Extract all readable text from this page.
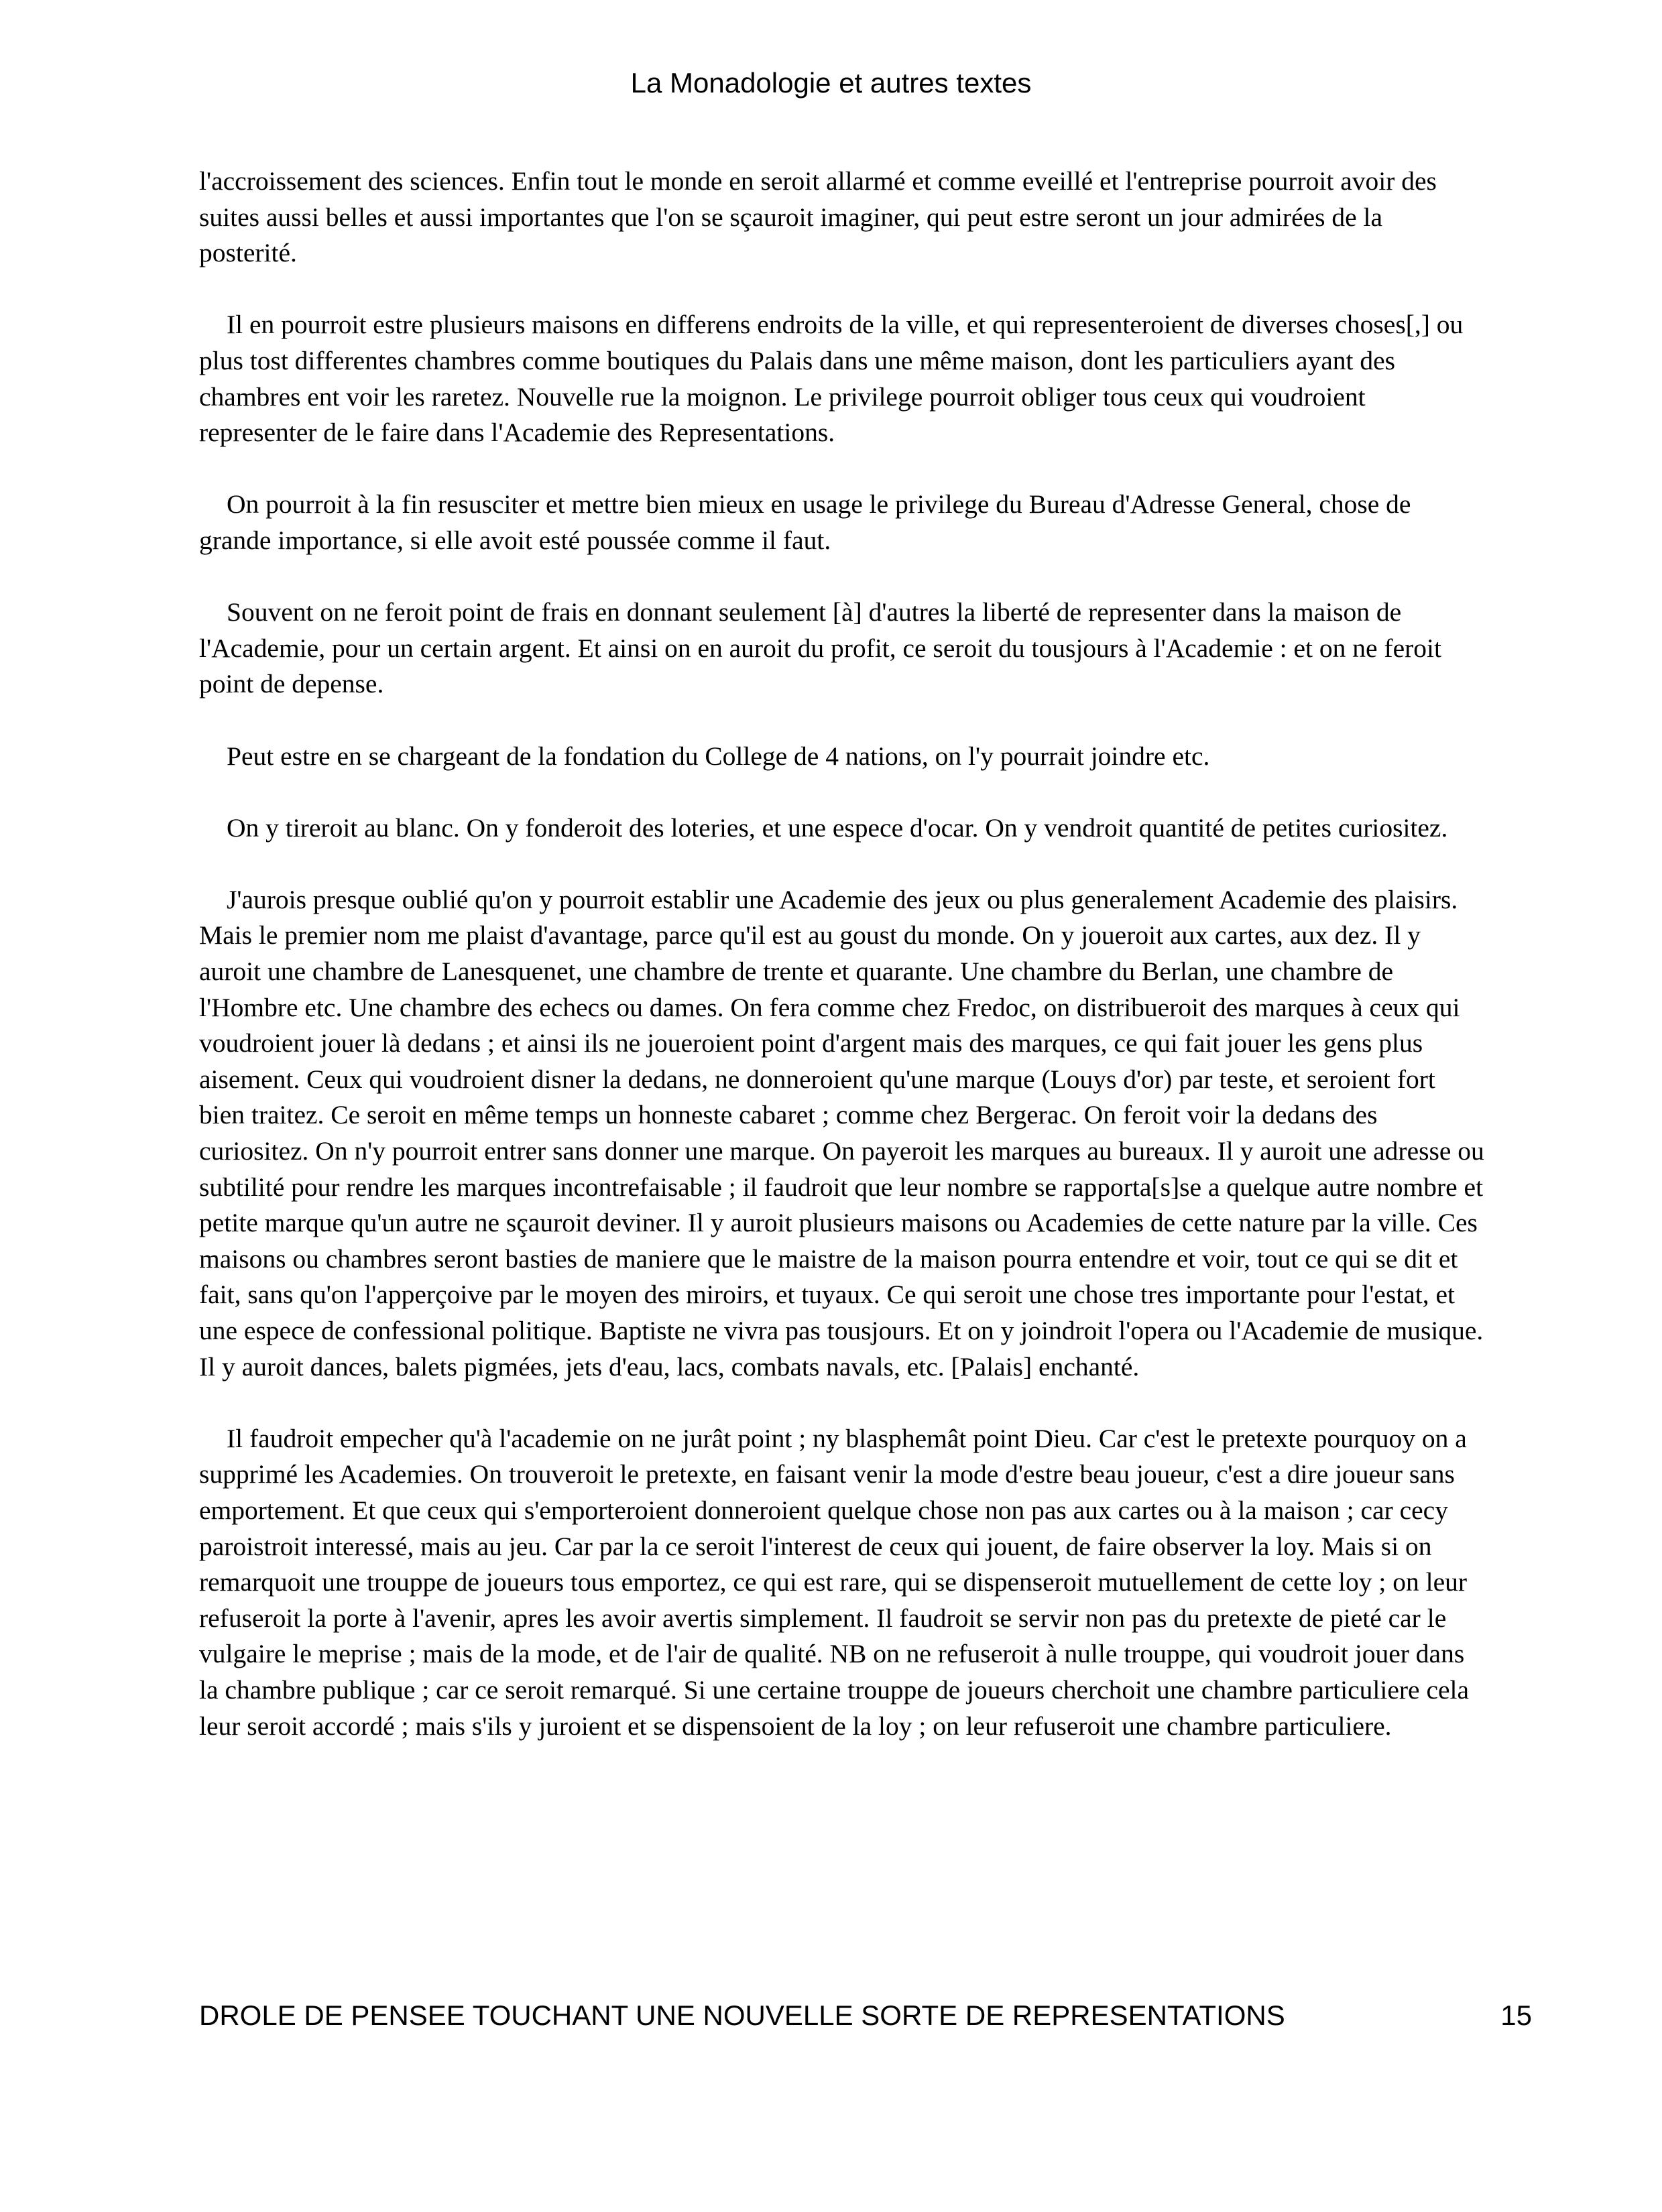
La Monadologie et autres textes

l'accroissement des sciences. Enfin tout le monde en seroit allarmé et comme eveillé et l'entreprise pourroit avoir des suites aussi belles et aussi importantes que l'on se sçauroit imaginer, qui peut estre seront un jour admirées de la posterité.

Il en pourroit estre plusieurs maisons en differens endroits de la ville, et qui representeroient de diverses choses[,] ou plus tost differentes chambres comme boutiques du Palais dans une même maison, dont les particuliers ayant des chambres ent voir les raretez. Nouvelle rue la moignon. Le privilege pourroit obliger tous ceux qui voudroient representer de le faire dans l'Academie des Representations.

On pourroit à la fin resusciter et mettre bien mieux en usage le privilege du Bureau d'Adresse General, chose de grande importance, si elle avoit esté poussée comme il faut.

Souvent on ne feroit point de frais en donnant seulement [à] d'autres la liberté de representer dans la maison de l'Academie, pour un certain argent. Et ainsi on en auroit du profit, ce seroit du tousjours à l'Academie : et on ne feroit point de depense.

Peut estre en se chargeant de la fondation du College de 4 nations, on l'y pourrait joindre etc.

On y tireroit au blanc. On y fonderoit des loteries, et une espece d'ocar. On y vendroit quantité de petites curiositez.

J'aurois presque oublié qu'on y pourroit establir une Academie des jeux ou plus generalement Academie des plaisirs. Mais le premier nom me plaist d'avantage, parce qu'il est au goust du monde. On y joueroit aux cartes, aux dez. Il y auroit une chambre de Lanesquenet, une chambre de trente et quarante. Une chambre du Berlan, une chambre de l'Hombre etc. Une chambre des echecs ou dames. On fera comme chez Fredoc, on distribueroit des marques à ceux qui voudroient jouer là dedans ; et ainsi ils ne joueroient point d'argent mais des marques, ce qui fait jouer les gens plus aisement. Ceux qui voudroient disner la dedans, ne donneroient qu'une marque (Louys d'or) par teste, et seroient fort bien traitez. Ce seroit en même temps un honneste cabaret ; comme chez Bergerac. On feroit voir la dedans des curiositez. On n'y pourroit entrer sans donner une marque. On payeroit les marques au bureaux. Il y auroit une adresse ou subtilité pour rendre les marques incontrefaisable ; il faudroit que leur nombre se rapporta[s]se a quelque autre nombre et petite marque qu'un autre ne sçauroit deviner. Il y auroit plusieurs maisons ou Academies de cette nature par la ville. Ces maisons ou chambres seront basties de maniere que le maistre de la maison pourra entendre et voir, tout ce qui se dit et fait, sans qu'on l'apperçoive par le moyen des miroirs, et tuyaux. Ce qui seroit une chose tres importante pour l'estat, et une espece de confessional politique. Baptiste ne vivra pas tousjours. Et on y joindroit l'opera ou l'Academie de musique. Il y auroit dances, balets pigmées, jets d'eau, lacs, combats navals, etc. [Palais] enchanté.

Il faudroit empecher qu'à l'academie on ne jurât point ; ny blasphemât point Dieu. Car c'est le pretexte pourquoy on a supprimé les Academies. On trouveroit le pretexte, en faisant venir la mode d'estre beau joueur, c'est a dire joueur sans emportement. Et que ceux qui s'emporteroient donneroient quelque chose non pas aux cartes ou à la maison ; car cecy paroistroit interessé, mais au jeu. Car par la ce seroit l'interest de ceux qui jouent, de faire observer la loy. Mais si on remarquoit une trouppe de joueurs tous emportez, ce qui est rare, qui se dispenseroit mutuellement de cette loy ; on leur refuseroit la porte à l'avenir, apres les avoir avertis simplement. Il faudroit se servir non pas du pretexte de pieté car le vulgaire le meprise ; mais de la mode, et de l'air de qualité. NB on ne refuseroit à nulle trouppe, qui voudroit jouer dans la chambre publique ; car ce seroit remarqué. Si une certaine trouppe de joueurs cherchoit une chambre particuliere cela leur seroit accordé ; mais s'ils y juroient et se dispensoient de la loy ; on leur refuseroit une chambre particuliere.

DROLE DE PENSEE TOUCHANT UNE NOUVELLE SORTE DE REPRESENTATIONS	15
